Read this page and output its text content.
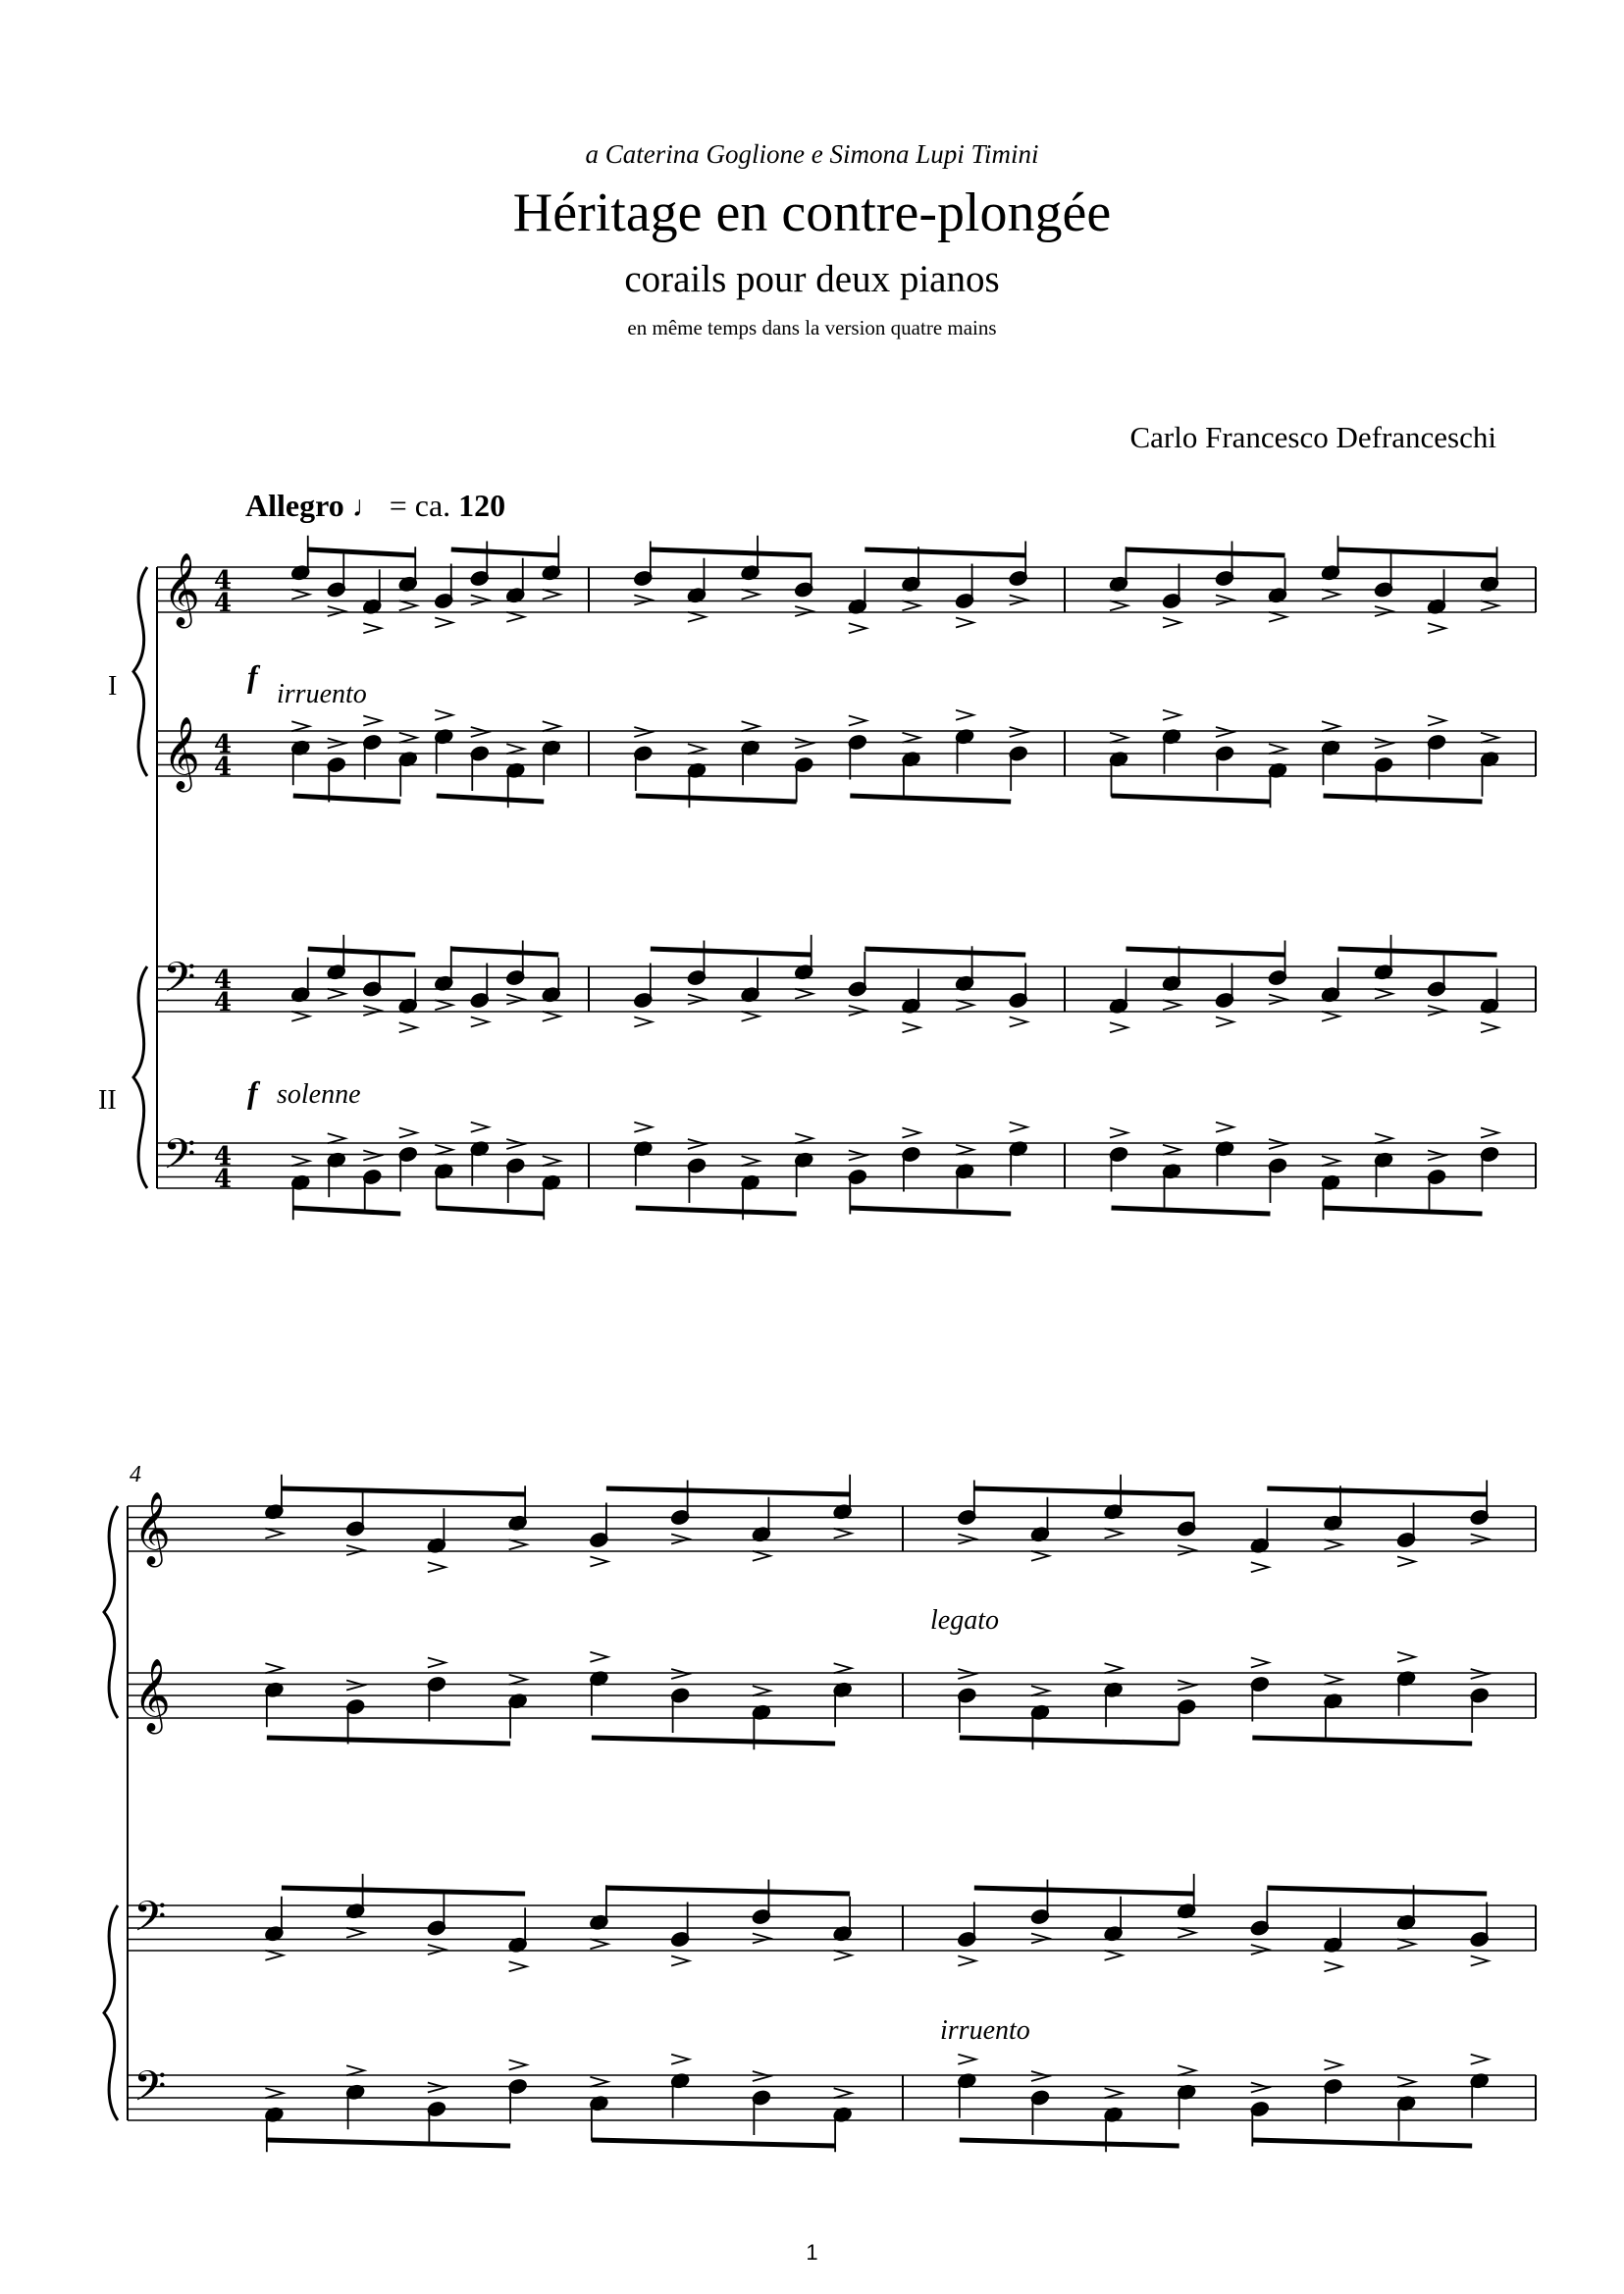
a Caterina Goglione e Simona Lupi Timini
Héritage en contre-plongée
corails pour deux pianos
en même temps dans la version quatre mains
Carlo Francesco Defranceschi
Allegro ♩ = ca. 120
𝄞 4
4
𝄞 4
4
𝄢 4
4
𝄢 4
4
𝄞
𝄞
𝄢
𝄢
I
II
f
irruento
f solenne
legato
irruento
4
1
